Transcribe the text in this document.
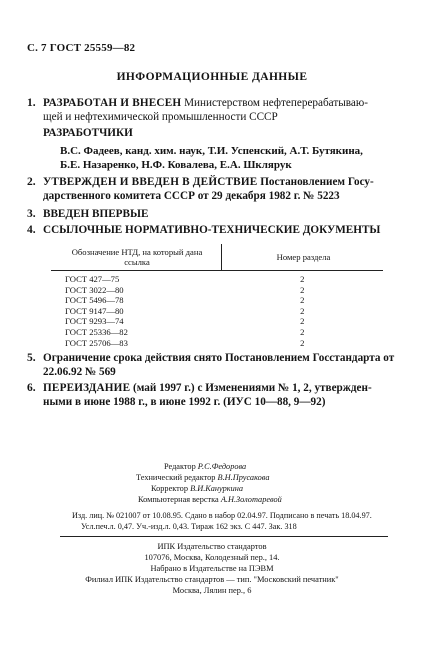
С. 7 ГОСТ 25559—82
ИНФОРМАЦИОННЫЕ ДАННЫЕ
1. РАЗРАБОТАН И ВНЕСЕН Министерством нефтеперерабатываю-
щей и нефтехимической промышленности СССР
РАЗРАБОТЧИКИ
В.С. Фадеев, канд. хим. наук, Т.И. Успенский, А.Т. Бутякина,
Б.Е. Назаренко, Н.Ф. Ковалева, Е.А. Шклярук
2. УТВЕРЖДЕН И ВВЕДЕН В ДЕЙСТВИЕ Постановлением Госу-
дарственного комитета СССР от 29 декабря 1982 г. № 5223
3. ВВЕДЕН ВПЕРВЫЕ
4. ССЫЛОЧНЫЕ НОРМАТИВНО-ТЕХНИЧЕСКИЕ ДОКУМЕНТЫ
Обозначение НТД, на который дана
ссылка	Номер раздела
ГОСТ 427—75	2
ГОСТ 3022—80	2
ГОСТ 5496—78	2
ГОСТ 9147—80	2
ГОСТ 9293—74	2
ГОСТ 25336—82	2
ГОСТ 25706—83	2
5. Ограничение срока действия снято Постановлением Госстандарта от
22.06.92 № 569
6. ПЕРЕИЗДАНИЕ (май 1997 г.) с Изменениями № 1, 2, утвержден-
ными в июне 1988 г., в июне 1992 г. (ИУС 10—88, 9—92)
Редактор Р.С.Федорова
Технический редактор В.Н.Прусакова
Корректор В.И.Кануркина
Компьютерная верстка А.Н.Золотаревой
Изд. лиц. № 021007 от 10.08.95. Сдано в набор 02.04.97. Подписано в печать 18.04.97.
Усл.печ.л. 0,47. Уч.-изд.л. 0,43. Тираж 162 экз. С 447. Зак. 318
ИПК Издательство стандартов
107076, Москва, Колодезный пер., 14.
Набрано в Издательстве на ПЭВМ
Филиал ИПК Издательство стандартов — тип. "Московский печатник"
Москва, Лялин пер., 6
